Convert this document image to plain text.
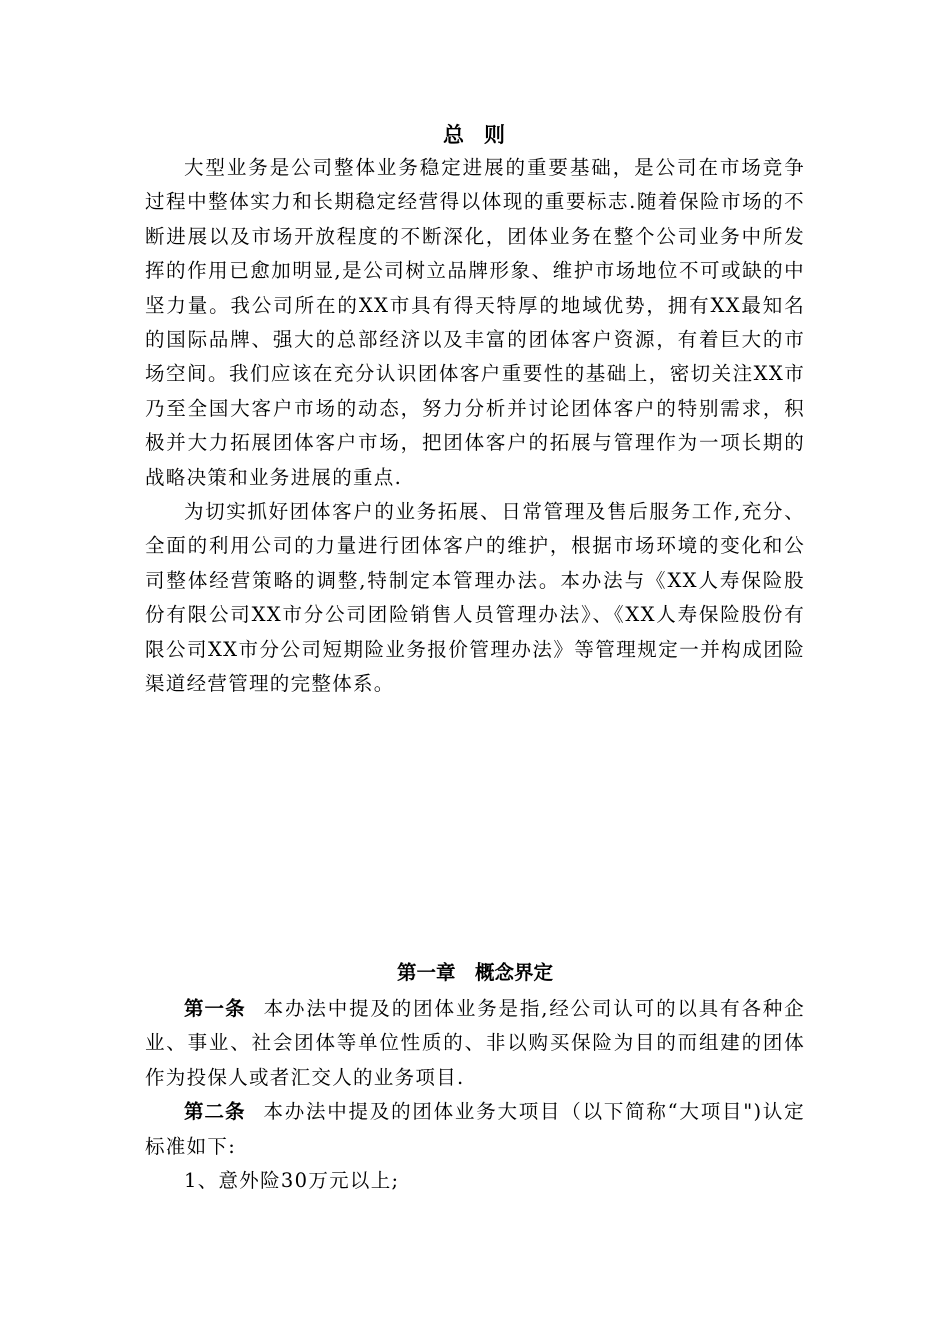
总则

大型业务是公司整体业务稳定进展的重要基础，是公司在市场竞争过程中整体实力和长期稳定经营得以体现的重要标志.随着保险市场的不断进展以及市场开放程度的不断深化，团体业务在整个公司业务中所发挥的作用已愈加明显,是公司树立品牌形象、维护市场地位不可或缺的中坚力量。我公司所在的XX市具有得天特厚的地域优势，拥有XX最知名的国际品牌、强大的总部经济以及丰富的团体客户资源，有着巨大的市场空间。我们应该在充分认识团体客户重要性的基础上，密切关注XX市乃至全国大客户市场的动态，努力分析并讨论团体客户的特别需求，积极并大力拓展团体客户市场，把团体客户的拓展与管理作为一项长期的战略决策和业务进展的重点.

为切实抓好团体客户的业务拓展、日常管理及售后服务工作,充分、全面的利用公司的力量进行团体客户的维护，根据市场环境的变化和公司整体经营策略的调整,特制定本管理办法。本办法与《XX人寿保险股份有限公司XX市分公司团险销售人员管理办法》、《XX人寿保险股份有限公司XX市分公司短期险业务报价管理办法》等管理规定一并构成团险渠道经营管理的完整体系。

第一章　概念界定

第一条 本办法中提及的团体业务是指,经公司认可的以具有各种企业、事业、社会团体等单位性质的、非以购买保险为目的而组建的团体作为投保人或者汇交人的业务项目.

第二条 本办法中提及的团体业务大项目（以下简称“大项目")认定标准如下:

1、意外险30万元以上;
